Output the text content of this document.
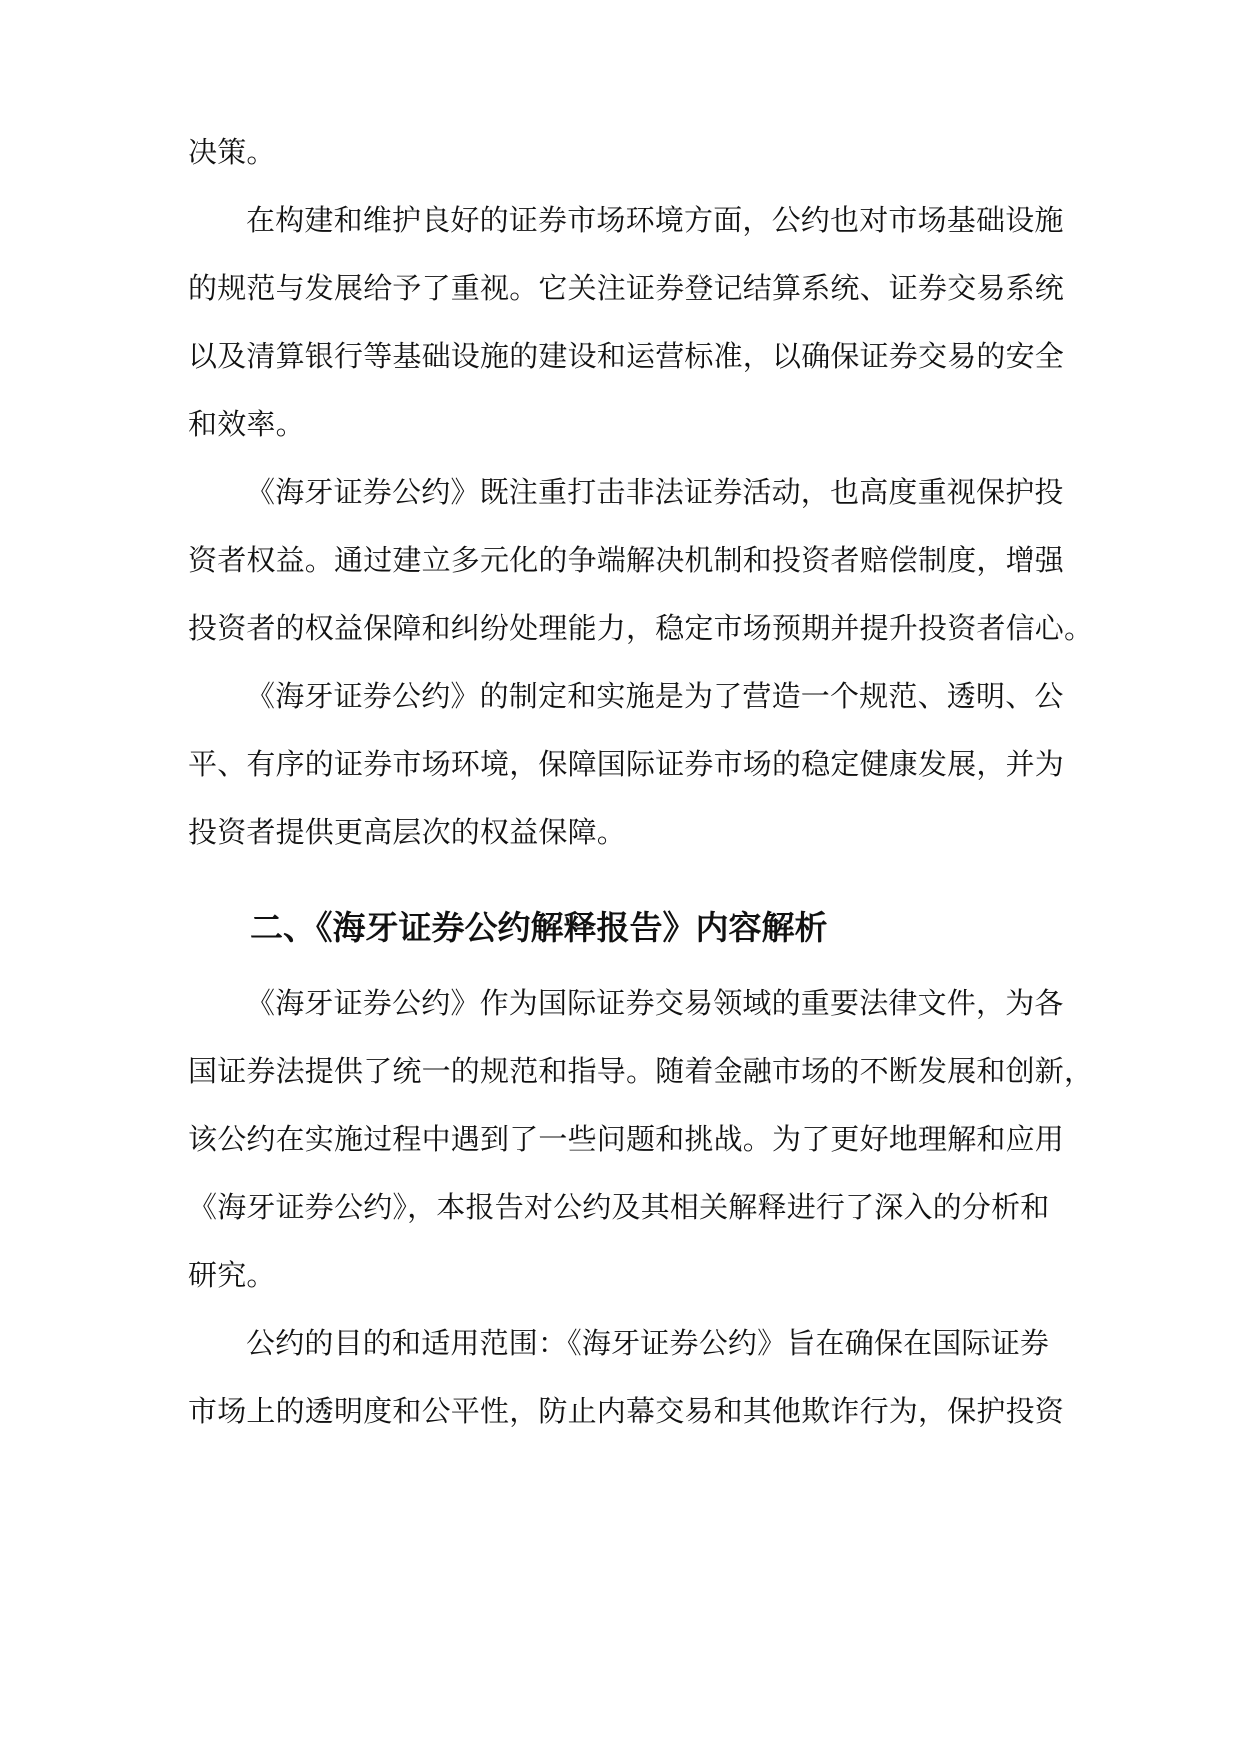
决策。
在构建和维护良好的证券市场环境方面，公约也对市场基础设施
的规范与发展给予了重视。它关注证券登记结算系统、证券交易系统
以及清算银行等基础设施的建设和运营标准，以确保证券交易的安全
和效率。
《海牙证券公约》既注重打击非法证券活动，也高度重视保护投
资者权益。通过建立多元化的争端解决机制和投资者赔偿制度，增强
投资者的权益保障和纠纷处理能力，稳定市场预期并提升投资者信心。
《海牙证券公约》的制定和实施是为了营造一个规范、透明、公
平、有序的证券市场环境，保障国际证券市场的稳定健康发展，并为
投资者提供更高层次的权益保障。
二、《海牙证券公约解释报告》内容解析
《海牙证券公约》作为国际证券交易领域的重要法律文件，为各
国证券法提供了统一的规范和指导。随着金融市场的不断发展和创新，
该公约在实施过程中遇到了一些问题和挑战。为了更好地理解和应用
《海牙证券公约》，本报告对公约及其相关解释进行了深入的分析和
研究。
公约的目的和适用范围：《海牙证券公约》旨在确保在国际证券
市场上的透明度和公平性，防止内幕交易和其他欺诈行为，保护投资
